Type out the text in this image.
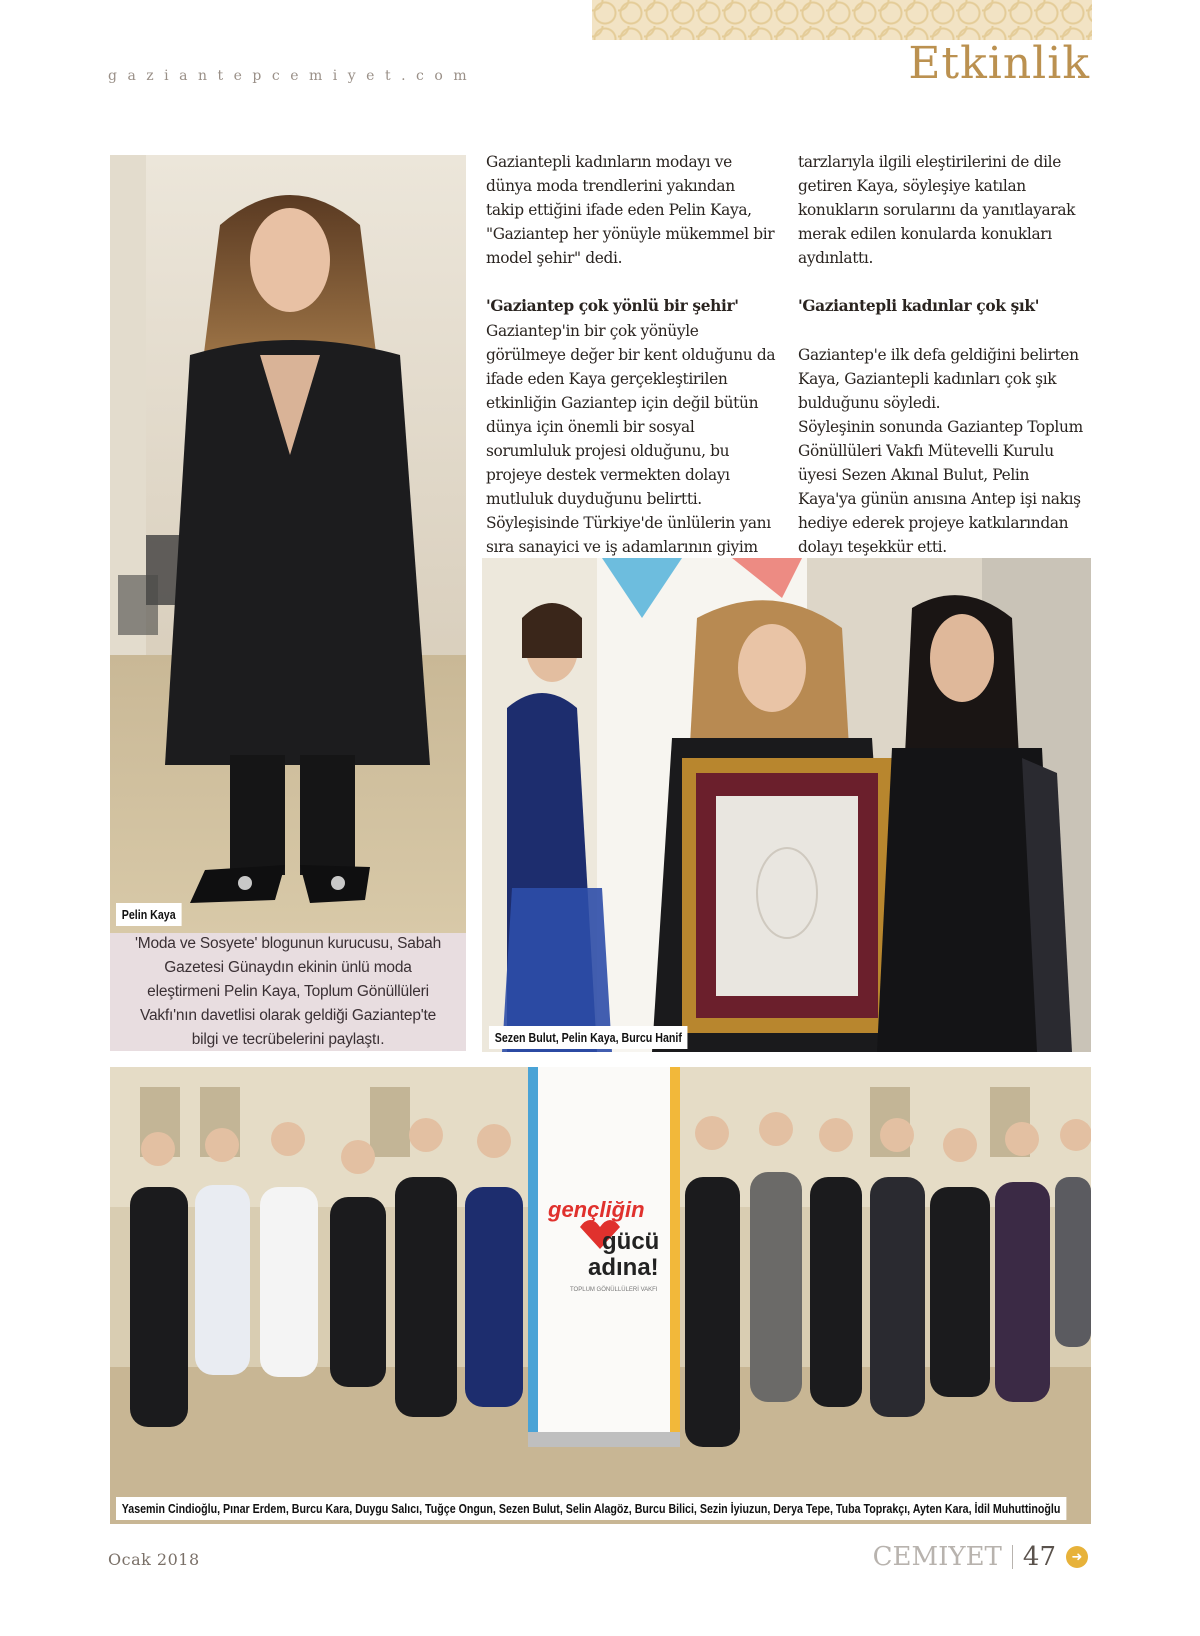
gaziantepcemiyet.com	Etkinlik
Pelin Kaya

'Moda ve Sosyete' blogunun kurucusu, Sabah Gazetesi Günaydın ekinin ünlü moda eleştirmeni Pelin Kaya, Toplum Gönüllüleri Vakfı'nın davetlisi olarak geldiği Gaziantep'te bilgi ve tecrübelerini paylaştı.

Gaziantepli kadınların modayı ve dünya moda trendlerini yakından takip ettiğini ifade eden Pelin Kaya, "Gaziantep her yönüyle mükemmel bir model şehir" dedi.

'Gaziantep çok yönlü bir şehir'

Gaziantep'in bir çok yönüyle görülmeye değer bir kent olduğunu da ifade eden Kaya gerçekleştirilen etkinliğin Gaziantep için değil bütün dünya için önemli bir sosyal sorumluluk projesi olduğunu, bu projeye destek vermekten dolayı mutluluk duyduğunu belirtti. Söyleşisinde Türkiye'de ünlülerin yanı sıra sanayici ve iş adamlarının giyim

tarzlarıyla ilgili eleştirilerini de dile getiren Kaya, söyleşiye katılan konukların sorularını da yanıtlayarak merak edilen konularda konukları aydınlattı.

'Gaziantepli kadınlar çok şık'

Gaziantep'e ilk defa geldiğini belirten Kaya, Gaziantepli kadınları çok şık bulduğunu söyledi.

Söyleşinin sonunda Gaziantep Toplum Gönüllüleri Vakfı Mütevelli Kurulu üyesi Sezen Akınal Bulut, Pelin Kaya'ya günün anısına Antep işi nakış hediye ederek projeye katkılarından dolayı teşekkür etti.

Sezen Bulut, Pelin Kaya, Burcu Hanif
gençliğin
gücü
adına!
TOPLUM GÖNÜLLÜLERİ VAKFI
Yasemin Cindioğlu, Pınar Erdem, Burcu Kara, Duygu Salıcı, Tuğçe Ongun, Sezen Bulut, Selin Alagöz, Burcu Bilici, Sezin İyiuzun, Derya Tepe, Tuba Toprakçı, Ayten Kara, İdil Muhuttinoğlu
Ocak 2018	CEMIYET 47	➜
